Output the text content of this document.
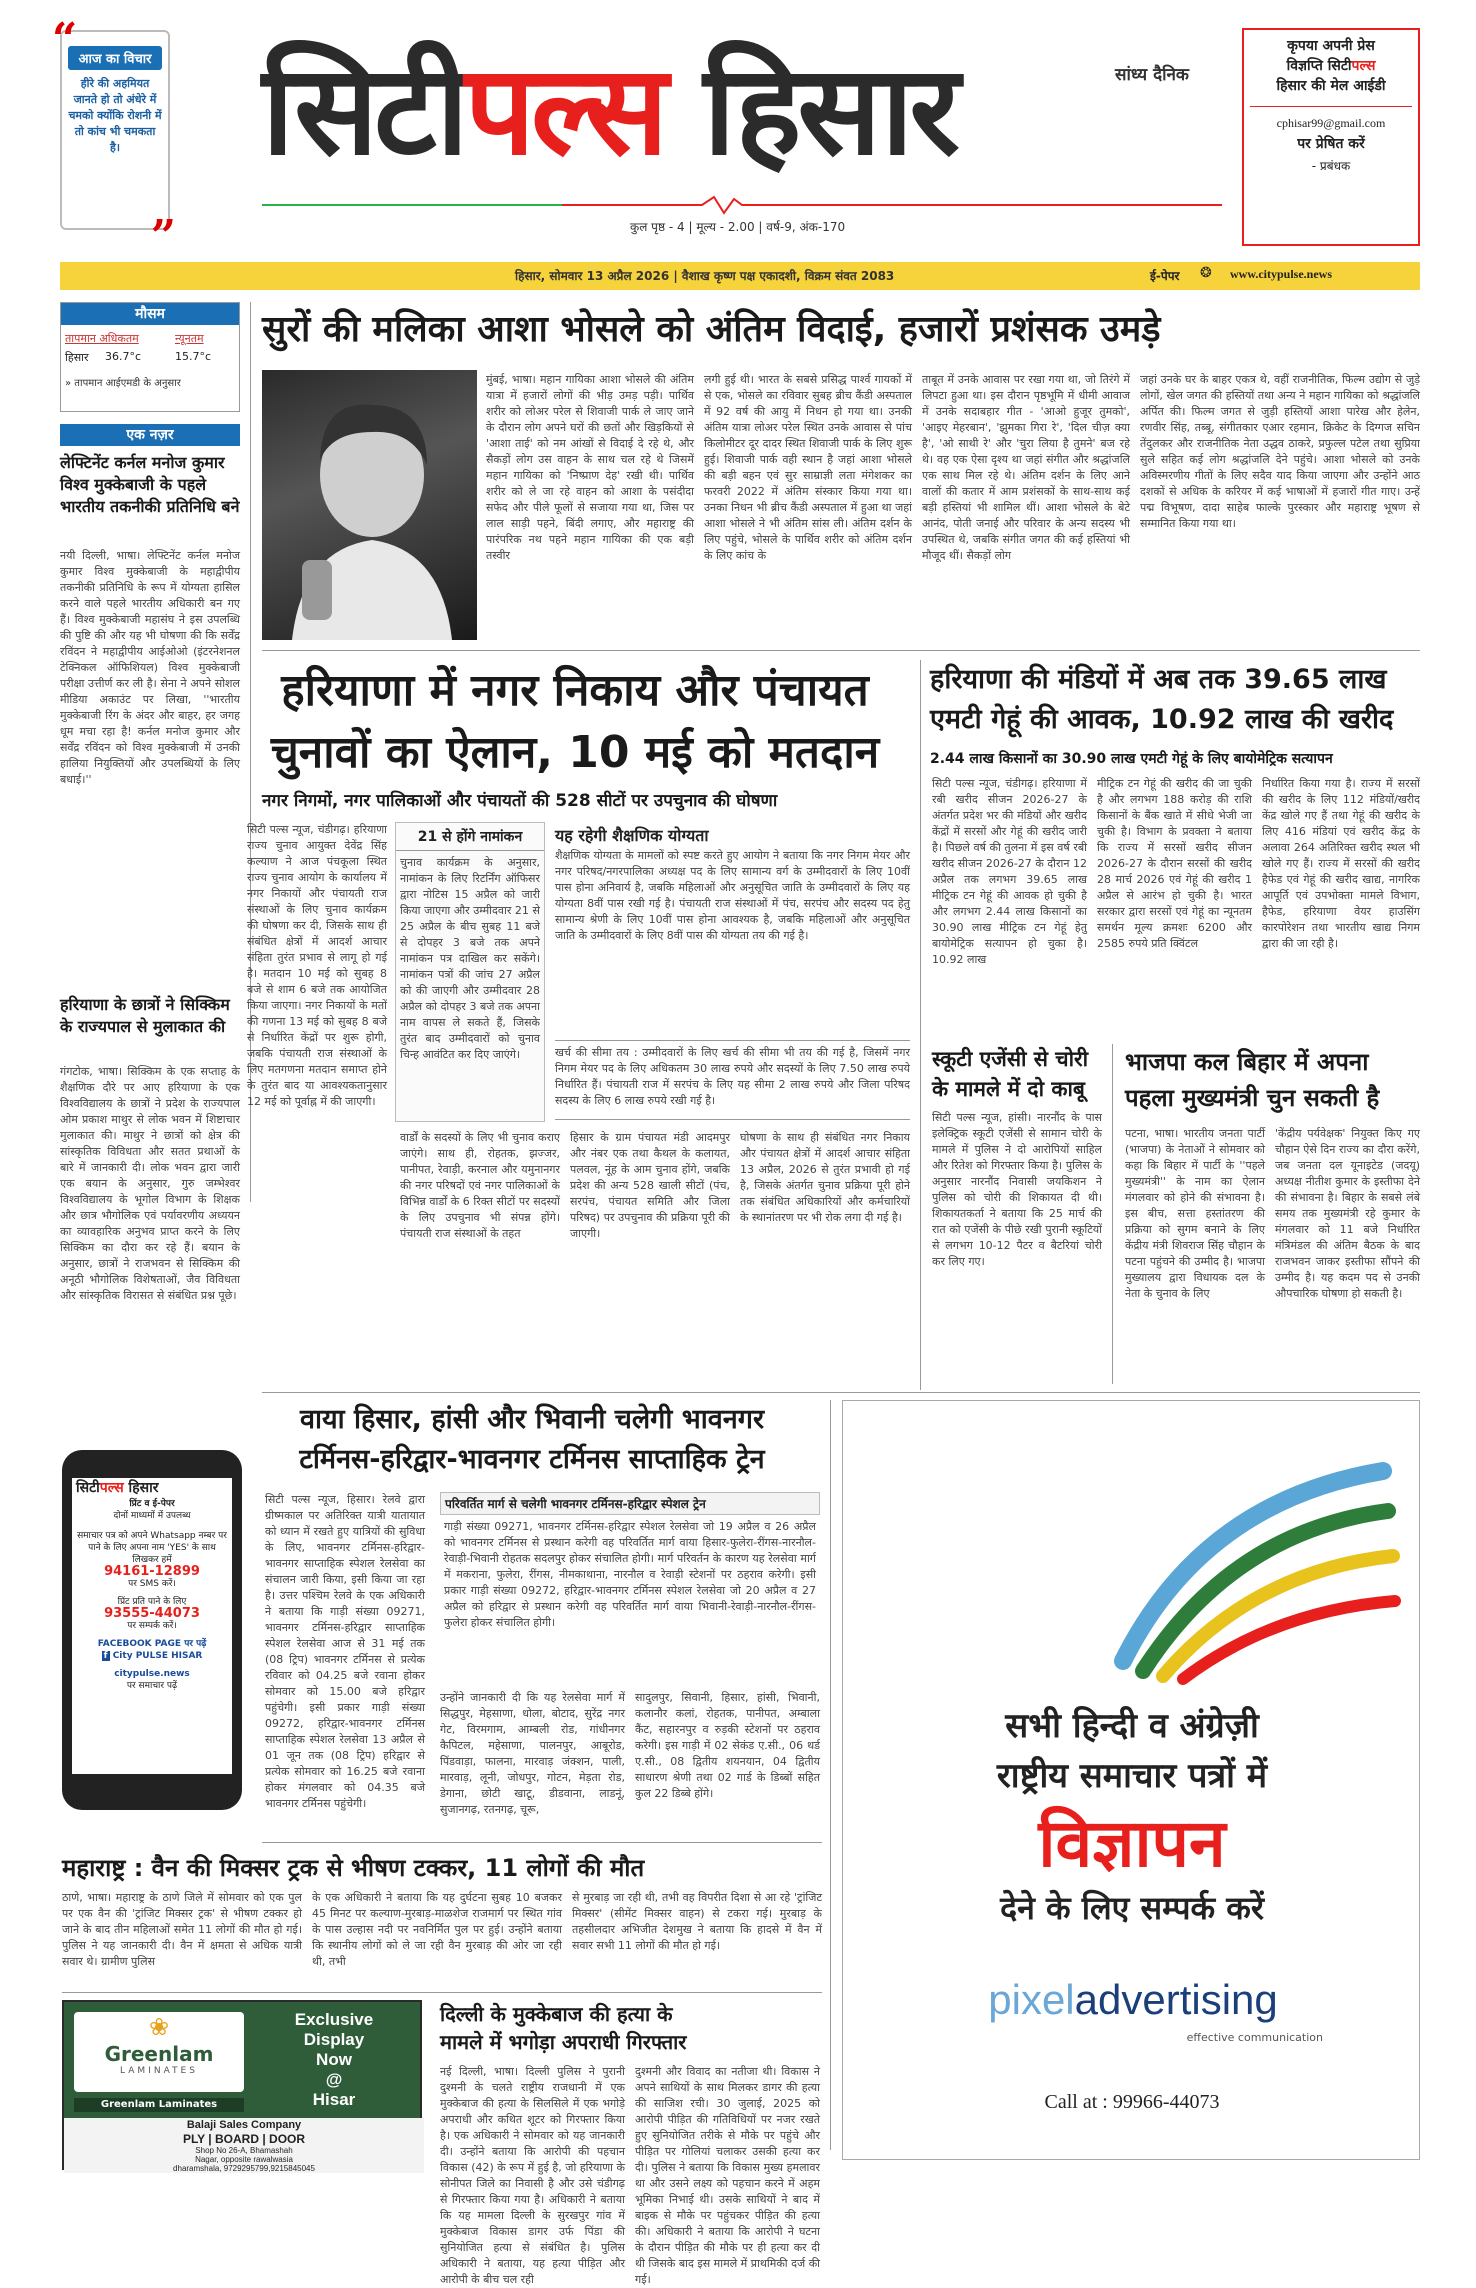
“ आज का विचार
हीरे की अहमियत जानते हो तो अंधेरे में चमको क्योंकि रोशनी में तो कांच भी चमकता है।
”
सिटीपल्स हिसार	सांध्य दैनिक
कुल पृष्ठ - 4 | मूल्य - 2.00 | वर्ष-9, अंक-170
कृपया अपनी प्रेस
विज्ञप्ति सिटीपल्स
हिसार की मेल आईडी
cphisar99@gmail.com
पर प्रेषित करें
- प्रबंधक
हिसार, सोमवार 13 अप्रैल 2026 | वैशाख कृष्ण पक्ष एकादशी, विक्रम संवत 2083	ई-पेपर ❂ www.citypulse.news
मौसम
तापमान अधिकतम	न्यूनतम
हिसार	36.7°c	15.7°c
» तापमान आईएमडी के अनुसार
एक नज़र
लेफ्टिनेंट कर्नल मनोज कुमार विश्व मुक्केबाजी के पहले भारतीय तकनीकी प्रतिनिधि बने
नयी दिल्ली, भाषा। लेफ्टिनेंट कर्नल मनोज कुमार विश्व मुक्केबाजी के महाद्वीपीय तकनीकी प्रतिनिधि के रूप में योग्यता हासिल करने वाले पहले भारतीय अधिकारी बन गए हैं। विश्व मुक्केबाजी महासंघ ने इस उपलब्धि की पुष्टि की और यह भी घोषणा की कि सर्वेंद्र रविंदन ने महाद्वीपीय आईओओ (इंटरनेशनल टेक्निकल ऑफिशियल) विश्व मुक्केबाजी परीक्षा उत्तीर्ण कर ली है। सेना ने अपने सोशल मीडिया अकाउंट पर लिखा, ''भारतीय मुक्केबाजी रिंग के अंदर और बाहर, हर जगह धूम मचा रहा है! कर्नल मनोज कुमार और सर्वेंद्र रविंदन को विश्व मुक्केबाजी में उनकी हालिया नियुक्तियों और उपलब्धियों के लिए बधाई।''
हरियाणा के छात्रों ने सिक्किम के राज्यपाल से मुलाकात की
गंगटोक, भाषा। सिक्किम के एक सप्ताह के शैक्षणिक दौरे पर आए हरियाणा के एक विश्वविद्यालय के छात्रों ने प्रदेश के राज्यपाल ओम प्रकाश माथुर से लोक भवन में शिष्टाचार मुलाकात की। माथुर ने छात्रों को क्षेत्र की सांस्कृतिक विविधता और सतत प्रथाओं के बारे में जानकारी दी। लोक भवन द्वारा जारी एक बयान के अनुसार, गुरु जम्भेश्वर विश्वविद्यालय के भूगोल विभाग के शिक्षक और छात्र भौगोलिक एवं पर्यावरणीय अध्ययन का व्यावहारिक अनुभव प्राप्त करने के लिए सिक्किम का दौरा कर रहे हैं। बयान के अनुसार, छात्रों ने राजभवन से सिक्किम की अनूठी भौगोलिक विशेषताओं, जैव विविधता और सांस्कृतिक विरासत से संबंधित प्रश्न पूछे।
सिटीपल्स हिसार
प्रिंट व ई-पेपर
दोनों माध्यमों में उपलब्ध
समाचार पत्र को अपने Whatsapp नम्बर पर पाने के लिए अपना नाम 'YES' के साथ लिखकर हमें
94161-12899
पर SMS करें।
प्रिंट प्रति पाने के लिए
93555-44073
पर सम्पर्क करें।
FACEBOOK PAGE पर पढ़ें
f City PULSE HISAR
citypulse.news
पर समाचार पढ़ें
सुरों की मलिका आशा भोसले को अंतिम विदाई, हजारों प्रशंसक उमड़े
मुंबई, भाषा। महान गायिका आशा भोसले की अंतिम यात्रा में हजारों लोगों की भीड़ उमड़ पड़ी। पार्थिव शरीर को लोअर परेल से शिवाजी पार्क ले जाए जाने के दौरान लोग अपने घरों की छतों और खिड़कियों से 'आशा ताई' को नम आंखों से विदाई दे रहे थे, और सैकड़ों लोग उस वाहन के साथ चल रहे थे जिसमें महान गायिका को 'निष्प्राण देह' रखी थी। पार्थिव शरीर को ले जा रहे वाहन को आशा के पसंदीदा सफेद और पीले फूलों से सजाया गया था, जिस पर लाल साड़ी पहने, बिंदी लगाए, और महाराष्ट्र की पारंपरिक नथ पहने महान गायिका की एक बड़ी तस्वीर
लगी हुई थी। भारत के सबसे प्रसिद्ध पार्श्व गायकों में से एक, भोसले का रविवार सुबह ब्रीच कैंडी अस्पताल में 92 वर्ष की आयु में निधन हो गया था। उनकी अंतिम यात्रा लोअर परेल स्थित उनके आवास से पांच किलोमीटर दूर दादर स्थित शिवाजी पार्क के लिए शुरू हुई। शिवाजी पार्क वही स्थान है जहां आशा भोसले की बड़ी बहन एवं सुर साम्राज्ञी लता मंगेशकर का फरवरी 2022 में अंतिम संस्कार किया गया था। उनका निधन भी ब्रीच कैंडी अस्पताल में हुआ था जहां आशा भोसले ने भी अंतिम सांस ली। अंतिम दर्शन के लिए पहुंचे, भोसले के पार्थिव शरीर को अंतिम दर्शन के लिए कांच के
ताबूत में उनके आवास पर रखा गया था, जो तिरंगे में लिपटा हुआ था। इस दौरान पृष्ठभूमि में धीमी आवाज में उनके सदाबहार गीत - 'आओ हुजूर तुमको', 'आइए मेहरबान', 'झुमका गिरा रे', 'दिल चीज़ क्या है', 'ओ साथी रे' और 'चुरा लिया है तुमने' बज रहे थे। वह एक ऐसा दृश्य था जहां संगीत और श्रद्धांजलि एक साथ मिल रहे थे। अंतिम दर्शन के लिए आने वालों की कतार में आम प्रशंसकों के साथ-साथ कई बड़ी हस्तियां भी शामिल थीं। आशा भोसले के बेटे आनंद, पोती जनाई और परिवार के अन्य सदस्य भी उपस्थित थे, जबकि संगीत जगत की कई हस्तियां भी मौजूद थीं। सैकड़ों लोग
जहां उनके घर के बाहर एकत्र थे, वहीं राजनीतिक, फिल्म उद्योग से जुड़े लोगों, खेल जगत की हस्तियों तथा अन्य ने महान गायिका को श्रद्धांजलि अर्पित की। फिल्म जगत से जुड़ी हस्तियों आशा पारेख और हेलेन, रणवीर सिंह, तब्बू, संगीतकार एआर रहमान, क्रिकेट के दिग्गज सचिन तेंदुलकर और राजनीतिक नेता उद्धव ठाकरे, प्रफुल्ल पटेल तथा सुप्रिया सुले सहित कई लोग श्रद्धांजलि देने पहुंचे। आशा भोसले को उनके अविस्मरणीय गीतों के लिए सदैव याद किया जाएगा और उन्होंने आठ दशकों से अधिक के करियर में कई भाषाओं में हजारों गीत गाए। उन्हें पद्म विभूषण, दादा साहेब फाल्के पुरस्कार और महाराष्ट्र भूषण से सम्मानित किया गया था।
हरियाणा में नगर निकाय और पंचायत
चुनावों का ऐलान, 10 मई को मतदान
नगर निगमों, नगर पालिकाओं और पंचायतों की 528 सीटों पर उपचुनाव की घोषणा
सिटी पल्स न्यूज, चंडीगढ़। हरियाणा राज्य चुनाव आयुक्त देवेंद्र सिंह कल्याण ने आज पंचकूला स्थित राज्य चुनाव आयोग के कार्यालय में नगर निकायों और पंचायती राज संस्थाओं के लिए चुनाव कार्यक्रम की घोषणा कर दी, जिसके साथ ही संबंधित क्षेत्रों में आदर्श आचार संहिता तुरंत प्रभाव से लागू हो गई है। मतदान 10 मई को सुबह 8 बजे से शाम 6 बजे तक आयोजित किया जाएगा। नगर निकायों के मतों की गणना 13 मई को सुबह 8 बजे से निर्धारित केंद्रों पर शुरू होगी, जबकि पंचायती राज संस्थाओं के लिए मतगणना मतदान समाप्त होने के तुरंत बाद या आवश्यकतानुसार 12 मई को पूर्वाह्न में की जाएगी।
21 से होंगे नामांकन
चुनाव कार्यक्रम के अनुसार, नामांकन के लिए रिटर्निंग ऑफिसर द्वारा नोटिस 15 अप्रैल को जारी किया जाएगा और उम्मीदवार 21 से 25 अप्रैल के बीच सुबह 11 बजे से दोपहर 3 बजे तक अपने नामांकन पत्र दाखिल कर सकेंगे। नामांकन पत्रों की जांच 27 अप्रैल को की जाएगी और उम्मीदवार 28 अप्रैल को दोपहर 3 बजे तक अपना नाम वापस ले सकते हैं, जिसके तुरंत बाद उम्मीदवारों को चुनाव चिन्ह आवंटित कर दिए जाएंगे।
यह रहेगी शैक्षणिक योग्यता
शैक्षणिक योग्यता के मामलों को स्पष्ट करते हुए आयोग ने बताया कि नगर निगम मेयर और नगर परिषद/नगरपालिका अध्यक्ष पद के लिए सामान्य वर्ग के उम्मीदवारों के लिए 10वीं पास होना अनिवार्य है, जबकि महिलाओं और अनुसूचित जाति के उम्मीदवारों के लिए यह योग्यता 8वीं पास रखी गई है। पंचायती राज संस्थाओं में पंच, सरपंच और सदस्य पद हेतु सामान्य श्रेणी के लिए 10वीं पास होना आवश्यक है, जबकि महिलाओं और अनुसूचित जाति के उम्मीदवारों के लिए 8वीं पास की योग्यता तय की गई है।
खर्च की सीमा तय : उम्मीदवारों के लिए खर्च की सीमा भी तय की गई है, जिसमें नगर निगम मेयर पद के लिए अधिकतम 30 लाख रुपये और सदस्यों के लिए 7.50 लाख रुपये निर्धारित हैं। पंचायती राज में सरपंच के लिए यह सीमा 2 लाख रुपये और जिला परिषद सदस्य के लिए 6 लाख रुपये रखी गई है।
वार्डों के सदस्यों के लिए भी चुनाव कराए जाएंगे। साथ ही, रोहतक, झज्जर, पानीपत, रेवाड़ी, करनाल और यमुनानगर की नगर परिषदों एवं नगर पालिकाओं के विभिन्न वार्डों के 6 रिक्त सीटों पर सदस्यों के लिए उपचुनाव भी संपन्न होंगे। पंचायती राज संस्थाओं के तहत
हिसार के ग्राम पंचायत मंडी आदमपुर और नंबर एक तथा कैथल के कलायत, पलवल, नूंह के आम चुनाव होंगे, जबकि प्रदेश की अन्य 528 खाली सीटों (पंच, सरपंच, पंचायत समिति और जिला परिषद) पर उपचुनाव की प्रक्रिया पूरी की जाएगी।
घोषणा के साथ ही संबंधित नगर निकाय और पंचायत क्षेत्रों में आदर्श आचार संहिता 13 अप्रैल, 2026 से तुरंत प्रभावी हो गई है, जिसके अंतर्गत चुनाव प्रक्रिया पूरी होने तक संबंधित अधिकारियों और कर्मचारियों के स्थानांतरण पर भी रोक लगा दी गई है।
हरियाणा की मंडियों में अब तक 39.65 लाख
एमटी गेहूं की आवक, 10.92 लाख की खरीद
2.44 लाख किसानों का 30.90 लाख एमटी गेहूं के लिए बायोमेट्रिक सत्यापन
सिटी पल्स न्यूज, चंडीगढ़। हरियाणा में रबी खरीद सीजन 2026-27 के अंतर्गत प्रदेश भर की मंडियों और खरीद केंद्रों में सरसों और गेहूं की खरीद जारी है। पिछले वर्ष की तुलना में इस वर्ष रबी खरीद सीजन 2026-27 के दौरान 12 अप्रैल तक लगभग 39.65 लाख मीट्रिक टन गेहूं की आवक हो चुकी है और लगभग 2.44 लाख किसानों का 30.90 लाख मीट्रिक टन गेहूं हेतु बायोमेट्रिक सत्यापन हो चुका है। 10.92 लाख
मीट्रिक टन गेहूं की खरीद की जा चुकी है और लगभग 188 करोड़ की राशि किसानों के बैंक खाते में सीधे भेजी जा चुकी है। विभाग के प्रवक्ता ने बताया कि राज्य में सरसों खरीद सीजन 2026-27 के दौरान सरसों की खरीद 28 मार्च 2026 एवं गेहूं की खरीद 1 अप्रैल से आरंभ हो चुकी है। भारत सरकार द्वारा सरसों एवं गेहूं का न्यूनतम समर्थन मूल्य क्रमशः 6200 और 2585 रुपये प्रति क्विंटल
निर्धारित किया गया है। राज्य में सरसों की खरीद के लिए 112 मंडियों/खरीद केंद्र खोले गए हैं तथा गेहूं की खरीद के लिए 416 मंडियां एवं खरीद केंद्र के अलावा 264 अतिरिक्त खरीद स्थल भी खोले गए हैं। राज्य में सरसों की खरीद हैफेड एवं गेहूं की खरीद खाद्य, नागरिक आपूर्ति एवं उपभोक्ता मामले विभाग, हैफेड, हरियाणा वेयर हाउसिंग कारपोरेशन तथा भारतीय खाद्य निगम द्वारा की जा रही है।
स्कूटी एजेंसी से चोरी
के मामले में दो काबू
सिटी पल्स न्यूज, हांसी। नारनौंद के पास इलेक्ट्रिक स्कूटी एजेंसी से सामान चोरी के मामले में पुलिस ने दो आरोपियों साहिल और रितेश को गिरफ्तार किया है। पुलिस के अनुसार नारनौंद निवासी जयकिशन ने पुलिस को चोरी की शिकायत दी थी। शिकायतकर्ता ने बताया कि 25 मार्च की रात को एजेंसी के पीछे रखी पुरानी स्कूटियों से लगभग 10-12 पैटर व बैटरियां चोरी कर लिए गए।
भाजपा कल बिहार में अपना
पहला मुख्यमंत्री चुन सकती है
पटना, भाषा। भारतीय जनता पार्टी (भाजपा) के नेताओं ने सोमवार को कहा कि बिहार में पार्टी के ''पहले मुख्यमंत्री'' के नाम का ऐलान मंगलवार को होने की संभावना है। इस बीच, सत्ता हस्तांतरण की प्रक्रिया को सुगम बनाने के लिए केंद्रीय मंत्री शिवराज सिंह चौहान के पटना पहुंचने की उम्मीद है। भाजपा मुख्यालय द्वारा विधायक दल के नेता के चुनाव के लिए
'केंद्रीय पर्यवेक्षक' नियुक्त किए गए चौहान ऐसे दिन राज्य का दौरा करेंगे, जब जनता दल यूनाइटेड (जदयू) अध्यक्ष नीतीश कुमार के इस्तीफा देने की संभावना है। बिहार के सबसे लंबे समय तक मुख्यमंत्री रहे कुमार के मंगलवार को 11 बजे निर्धारित मंत्रिमंडल की अंतिम बैठक के बाद राजभवन जाकर इस्तीफा सौंपने की उम्मीद है। यह कदम पद से उनकी औपचारिक घोषणा हो सकती है।
वाया हिसार, हांसी और भिवानी चलेगी भावनगर
टर्मिनस-हरिद्वार-भावनगर टर्मिनस साप्ताहिक ट्रेन
सिटी पल्स न्यूज, हिसार। रेलवे द्वारा ग्रीष्मकाल पर अतिरिक्त यात्री यातायात को ध्यान में रखते हुए यात्रियों की सुविधा के लिए, भावनगर टर्मिनस-हरिद्वार-भावनगर साप्ताहिक स्पेशल रेलसेवा का संचालन जारी किया, इसी किया जा रहा है। उत्तर पश्चिम रेलवे के एक अधिकारी ने बताया कि गाड़ी संख्या 09271, भावनगर टर्मिनस-हरिद्वार साप्ताहिक स्पेशल रेलसेवा आज से 31 मई तक (08 ट्रिप) भावनगर टर्मिनस से प्रत्येक रविवार को 04.25 बजे रवाना होकर सोमवार को 15.00 बजे हरिद्वार पहुंचेगी। इसी प्रकार गाड़ी संख्या 09272, हरिद्वार-भावनगर टर्मिनस साप्ताहिक स्पेशल रेलसेवा 13 अप्रैल से 01 जून तक (08 ट्रिप) हरिद्वार से प्रत्येक सोमवार को 16.25 बजे रवाना होकर मंगलवार को 04.35 बजे भावनगर टर्मिनस पहुंचेगी।
परिवर्तित मार्ग से चलेगी भावनगर टर्मिनस-हरिद्वार स्पेशल ट्रेन
गाड़ी संख्या 09271, भावनगर टर्मिनस-हरिद्वार स्पेशल रेलसेवा जो 19 अप्रैल व 26 अप्रैल को भावनगर टर्मिनस से प्रस्थान करेगी वह परिवर्तित मार्ग वाया हिसार-फुलेरा-रींगस-नारनौल-रेवाड़ी-भिवानी रोहतक सदलपुर होकर संचालित होगी। मार्ग परिवर्तन के कारण यह रेलसेवा मार्ग में मकराना, फुलेरा, रींगस, नीमकाथाना, नारनौल व रेवाड़ी स्टेशनों पर ठहराव करेगी। इसी प्रकार गाड़ी संख्या 09272, हरिद्वार-भावनगर टर्मिनस स्पेशल रेलसेवा जो 20 अप्रैल व 27 अप्रैल को हरिद्वार से प्रस्थान करेगी वह परिवर्तित मार्ग वाया भिवानी-रेवाड़ी-नारनौल-रींगस-फुलेरा होकर संचालित होगी।
उन्होंने जानकारी दी कि यह रेलसेवा मार्ग में सिद्धपुर, मेहसाणा, धोला, बोटाद, सुरेंद्र नगर गेट, विरमगाम, आम्बली रोड, गांधीनगर कैपिटल, महेसाणा, पालनपुर, आबूरोड, पिंडवाड़ा, फालना, मारवाड़ जंक्शन, पाली, मारवाड़, लूनी, जोधपुर, गोटन, मेड़ता रोड, डेगाना, छोटी खाटू, डीडवाना, लाडनूं, सुजानगढ़, रतनगढ़, चूरू,
सादुलपुर, सिवानी, हिसार, हांसी, भिवानी, कलानौर कलां, रोहतक, पानीपत, अम्बाला कैंट, सहारनपुर व रुड़की स्टेशनों पर ठहराव करेगी। इस गाड़ी में 02 सेकंड ए.सी., 06 थर्ड ए.सी., 08 द्वितीय शयनयान, 04 द्वितीय साधारण श्रेणी तथा 02 गार्ड के डिब्बों सहित कुल 22 डिब्बे होंगे।
सभी हिन्दी व अंग्रेज़ी
राष्ट्रीय समाचार पत्रों में
विज्ञापन
देने के लिए सम्पर्क करें
pixeladvertising
effective communication
Call at : 99966-44073
महाराष्ट्र : वैन की मिक्सर ट्रक से भीषण टक्कर, 11 लोगों की मौत
ठाणे, भाषा। महाराष्ट्र के ठाणे जिले में सोमवार को एक पुल पर एक वैन की 'ट्रांजिट मिक्सर ट्रक' से भीषण टक्कर हो जाने के बाद तीन महिलाओं समेत 11 लोगों की मौत हो गई। पुलिस ने यह जानकारी दी। वैन में क्षमता से अधिक यात्री सवार थे। ग्रामीण पुलिस
के एक अधिकारी ने बताया कि यह दुर्घटना सुबह 10 बजकर 45 मिनट पर कल्याण-मुरबाड़-माळशेज राजमार्ग पर स्थित गांव के पास उल्हास नदी पर नवनिर्मित पुल पर हुई। उन्होंने बताया कि स्थानीय लोगों को ले जा रही वैन मुरबाड़ की ओर जा रही थी, तभी
से मुरबाड़ जा रही थी, तभी वह विपरीत दिशा से आ रहे 'ट्रांजिट मिक्सर' (सीमेंट मिक्सर वाहन) से टकरा गई। मुरबाड़ के तहसीलदार अभिजीत देशमुख ने बताया कि हादसे में वैन में सवार सभी 11 लोगों की मौत हो गई।
❀
Greenlam
LAMINATES
Exclusive
Display
Now
@
Hisar
Greenlam Laminates
Balaji Sales Company
PLY | BOARD | DOOR
Shop No 26-A, Bhamashah
Nagar, opposite rawalwasia
dharamshala, 9729295799,9215845045
दिल्ली के मुक्केबाज की हत्या के
मामले में भगोड़ा अपराधी गिरफ्तार
नई दिल्ली, भाषा। दिल्ली पुलिस ने पुरानी दुश्मनी के चलते राष्ट्रीय राजधानी में एक मुक्केबाज की हत्या के सिलसिले में एक भगोड़े अपराधी और कथित शूटर को गिरफ्तार किया है। एक अधिकारी ने सोमवार को यह जानकारी दी। उन्होंने बताया कि आरोपी की पहचान विकास (42) के रूप में हुई है, जो हरियाणा के सोनीपत जिले का निवासी है और उसे चंडीगढ़ से गिरफ्तार किया गया है। अधिकारी ने बताया कि यह मामला दिल्ली के सुरखपुर गांव में मुक्केबाज विकास डागर उर्फ पिंडा की सुनियोजित हत्या से संबंधित है। पुलिस अधिकारी ने बताया, यह हत्या पीड़ित और आरोपी के बीच चल रही
दुश्मनी और विवाद का नतीजा थी। विकास ने अपने साथियों के साथ मिलकर डागर की हत्या की साजिश रची। 30 जुलाई, 2025 को आरोपी पीड़ित की गतिविधियों पर नजर रखते हुए सुनियोजित तरीके से मौके पर पहुंचे और पीड़ित पर गोलियां चलाकर उसकी हत्या कर दी। पुलिस ने बताया कि विकास मुख्य हमलावर था और उसने लक्ष्य को पहचान करने में अहम भूमिका निभाई थी। उसके साथियों ने बाद में बाइक से मौके पर पहुंचकर पीड़ित की हत्या की। अधिकारी ने बताया कि आरोपी ने घटना के दौरान पीड़ित की मौके पर ही हत्या कर दी थी जिसके बाद इस मामले में प्राथमिकी दर्ज की गई।
